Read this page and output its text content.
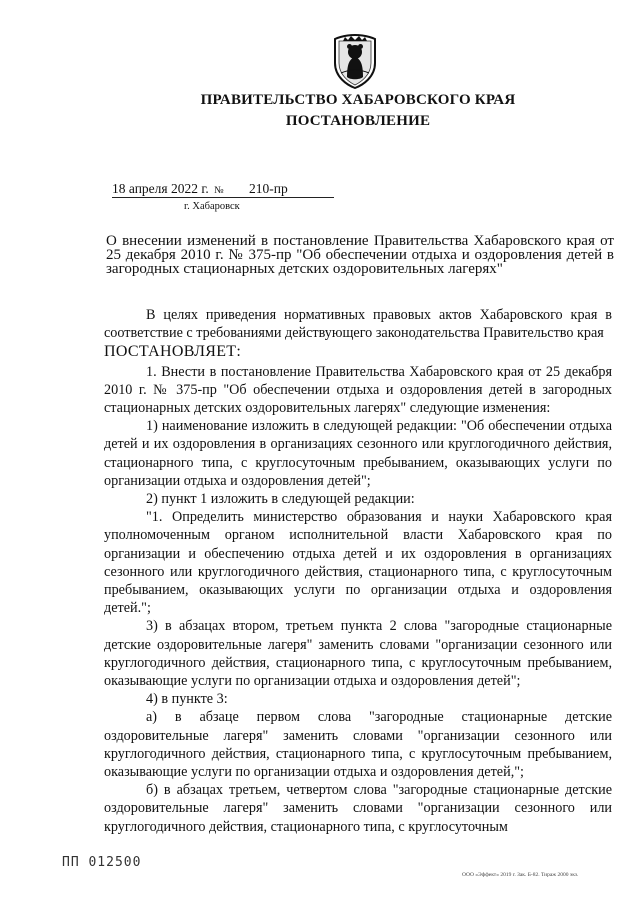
ПРАВИТЕЛЬСТВО ХАБАРОВСКОГО КРАЯ
ПОСТАНОВЛЕНИЕ
18 апреля 2022 г. № 210-пр
г. Хабаровск
О внесении изменений в постановление Правительства Хабаровского края от 25 декабря 2010 г. № 375-пр "Об обеспечении отдыха и оздоровления детей в загородных стационарных детских оздоровительных лагерях"

В целях приведения нормативных правовых актов Хабаровского края в соответствие с требованиями действующего законодательства Правительство края

ПОСТАНОВЛЯЕТ:

1. Внести в постановление Правительства Хабаровского края от 25 декабря 2010 г. № 375-пр "Об обеспечении отдыха и оздоровления детей в загородных стационарных детских оздоровительных лагерях" следующие изменения:

1) наименование изложить в следующей редакции: "Об обеспечении отдыха детей и их оздоровления в организациях сезонного или круглогодичного действия, стационарного типа, с круглосуточным пребыванием, оказывающих услуги по организации отдыха и оздоровления детей";

2) пункт 1 изложить в следующей редакции:

"1. Определить министерство образования и науки Хабаровского края уполномоченным органом исполнительной власти Хабаровского края по организации и обеспечению отдыха детей и их оздоровления в организациях сезонного или круглогодичного действия, стационарного типа, с круглосуточным пребыванием, оказывающих услуги по организации отдыха и оздоровления детей.";

3) в абзацах втором, третьем пункта 2 слова "загородные стационарные детские оздоровительные лагеря" заменить словами "организации сезонного или круглогодичного действия, стационарного типа, с круглосуточным пребыванием, оказывающие услуги по организации отдыха и оздоровления детей";

4) в пункте 3:

а) в абзаце первом слова "загородные стационарные детские оздоровительные лагеря" заменить словами "организации сезонного или круглогодичного действия, стационарного типа, с круглосуточным пребыванием, оказывающие услуги по организации отдыха и оздоровления детей,";

б) в абзацах третьем, четвертом слова "загородные стационарные детские оздоровительные лагеря" заменить словами "организации сезонного или круглогодичного действия, стационарного типа, с круглосуточным

ПП 012500
ООО «Эффект» 2019 г. Зак. Б-82. Тираж 2000 экз.
